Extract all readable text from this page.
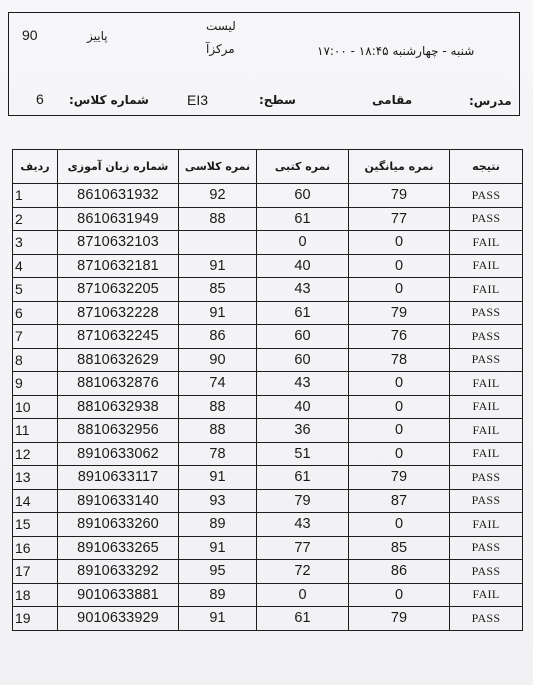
90	پاییز
لیست
مرکزآ	شنبه - چهارشنبه ۱۸:۴۵ - ۱۷:۰۰
6 شماره کلاس:	EI3	سطح:	مقامی	مدرس:
ردیف	شماره زبان آموزی	نمره کلاسی	نمره کتبی	نمره میانگین	نتیجه
1	8610631932	92	60	79	PASS
2	8610631949	88	61	77	PASS
3	8710632103		0	0	FAIL
4	8710632181	91	40	0	FAIL
5	8710632205	85	43	0	FAIL
6	8710632228	91	61	79	PASS
7	8710632245	86	60	76	PASS
8	8810632629	90	60	78	PASS
9	8810632876	74	43	0	FAIL
10	8810632938	88	40	0	FAIL
11	8810632956	88	36	0	FAIL
12	8910633062	78	51	0	FAIL
13	8910633117	91	61	79	PASS
14	8910633140	93	79	87	PASS
15	8910633260	89	43	0	FAIL
16	8910633265	91	77	85	PASS
17	8910633292	95	72	86	PASS
18	9010633881	89	0	0	FAIL
19	9010633929	91	61	79	PASS
